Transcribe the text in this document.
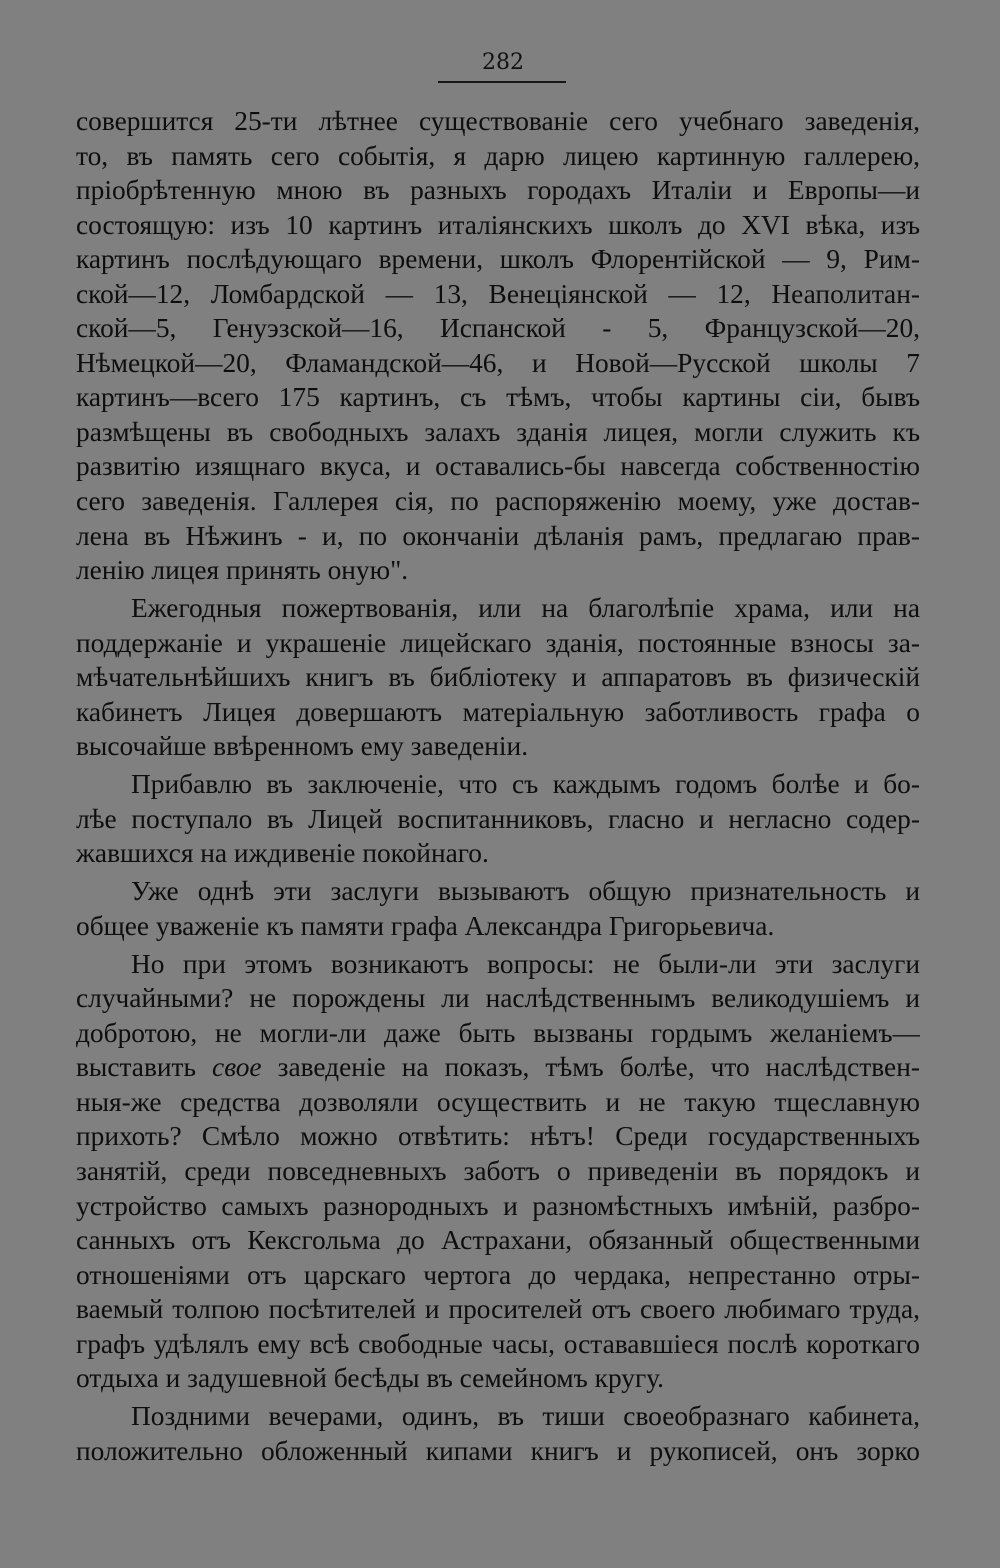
282
совершится 25-ти лѣтнее существованіе сего учебнаго заведенія,
то, въ память сего событія, я дарю лицею картинную галлерею,
пріобрѣтенную мною въ разныхъ городахъ Италіи и Европы—и
состоящую: изъ 10 картинъ италіянскихъ школъ до XVI вѣка, изъ
картинъ послѣдующаго времени, школъ Флорентійской — 9, Рим-
ской—12, Ломбардской — 13, Венеціянской — 12, Неаполитан-
ской—5, Генуэзской—16, Испанской - 5, Французской—20,
Нѣмецкой—20, Фламандской—46, и Новой—Русской школы 7
картинъ—всего 175 картинъ, съ тѣмъ, чтобы картины сіи, бывъ
размѣщены въ свободныхъ залахъ зданія лицея, могли служить къ
развитію изящнаго вкуса, и оставались-бы навсегда собственностію
сего заведенія. Галлерея сія, по распоряженію моему, уже достав-
лена въ Нѣжинъ - и, по окончаніи дѣланія рамъ, предлагаю прав-
ленію лицея принять оную".
Ежегодныя пожертвованія, или на благолѣпіе храма, или на
поддержаніе и украшеніе лицейскаго зданія, постоянные взносы за-
мѣчательнѣйшихъ книгъ въ библіотеку и аппаратовъ въ физическій
кабинетъ Лицея довершаютъ матеріальную заботливость графа о
высочайше ввѣренномъ ему заведеніи.
Прибавлю въ заключеніе, что съ каждымъ годомъ болѣе и бо-
лѣе поступало въ Лицей воспитанниковъ, гласно и негласно содер-
жавшихся на иждивеніе покойнаго.
Уже однѣ эти заслуги вызываютъ общую признательность и
общее уваженіе къ памяти графа Александра Григорьевича.
Но при этомъ возникаютъ вопросы: не были-ли эти заслуги
случайными? не порождены ли наслѣдственнымъ великодушіемъ и
добротою, не могли-ли даже быть вызваны гордымъ желаніемъ—
выставить свое заведеніе на показъ, тѣмъ болѣе, что наслѣдствен-
ныя-же средства дозволяли осуществить и не такую тщеславную
прихоть? Смѣло можно отвѣтить: нѣтъ! Среди государственныхъ
занятій, среди повседневныхъ заботъ о приведеніи въ порядокъ и
устройство самыхъ разнородныхъ и разномѣстныхъ имѣній, разбро-
санныхъ отъ Кексгольма до Астрахани, обязанный общественными
отношеніями отъ царскаго чертога до чердака, непрестанно отры-
ваемый толпою посѣтителей и просителей отъ своего любимаго труда,
графъ удѣлялъ ему всѣ свободные часы, остававшіеся послѣ короткаго
отдыха и задушевной бесѣды въ семейномъ кругу.
Поздними вечерами, одинъ, въ тиши своеобразнаго кабинета,
положительно обложенный кипами книгъ и рукописей, онъ зорко
